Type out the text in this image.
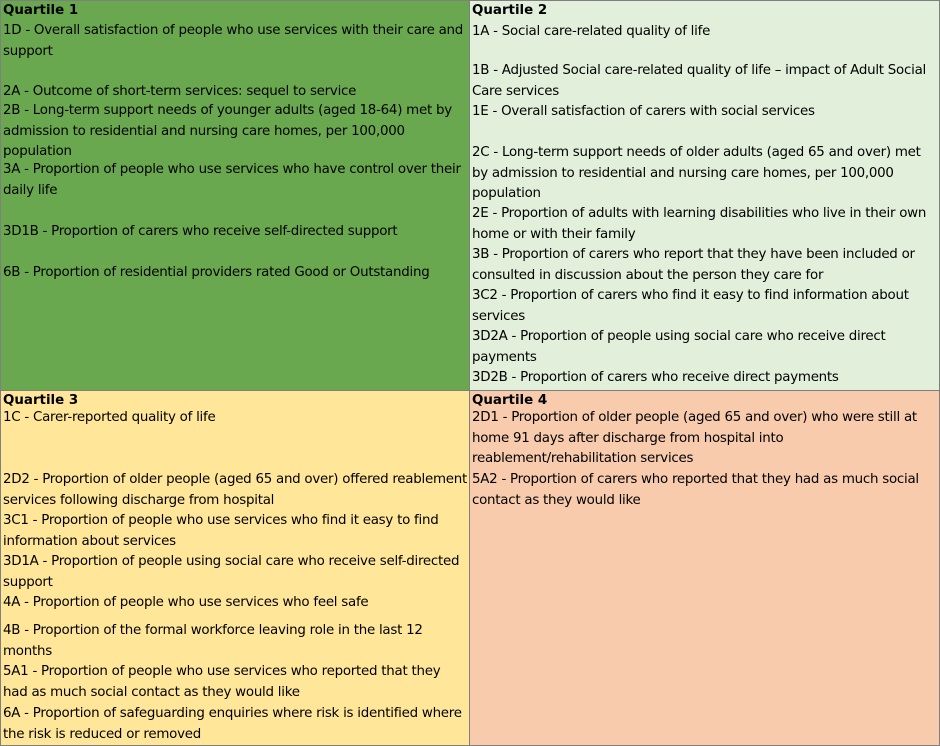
Quartile 1
1D - Overall satisfaction of people who use services with their care and support
2A - Outcome of short-term services: sequel to service
2B - Long-term support needs of younger adults (aged 18-64) met by admission to residential and nursing care homes, per 100,000 population
3A - Proportion of people who use services who have control over their daily life
3D1B - Proportion of carers who receive self-directed support
6B - Proportion of residential providers rated Good or Outstanding
Quartile 2
1A - Social care-related quality of life
1B - Adjusted Social care-related quality of life – impact of Adult Social Care services
1E - Overall satisfaction of carers with social services
2C - Long-term support needs of older adults (aged 65 and over) met by admission to residential and nursing care homes, per 100,000 population
2E - Proportion of adults with learning disabilities who live in their own home or with their family
3B - Proportion of carers who report that they have been included or consulted in discussion about the person they care for
3C2 - Proportion of carers who find it easy to find information about services
3D2A - Proportion of people using social care who receive direct payments
3D2B - Proportion of carers who receive direct payments
Quartile 3
1C - Carer-reported quality of life
2D2 - Proportion of older people (aged 65 and over) offered reablement services following discharge from hospital
3C1 - Proportion of people who use services who find it easy to find information about services
3D1A - Proportion of people using social care who receive self-directed support
4A - Proportion of people who use services who feel safe
4B - Proportion of the formal workforce leaving role in the last 12 months
5A1 - Proportion of people who use services who reported that they had as much social contact as they would like
6A - Proportion of safeguarding enquiries where risk is identified where the risk is reduced or removed
Quartile 4
2D1 - Proportion of older people (aged 65 and over) who were still at home 91 days after discharge from hospital into reablement/rehabilitation services
5A2 - Proportion of carers who reported that they had as much social contact as they would like
